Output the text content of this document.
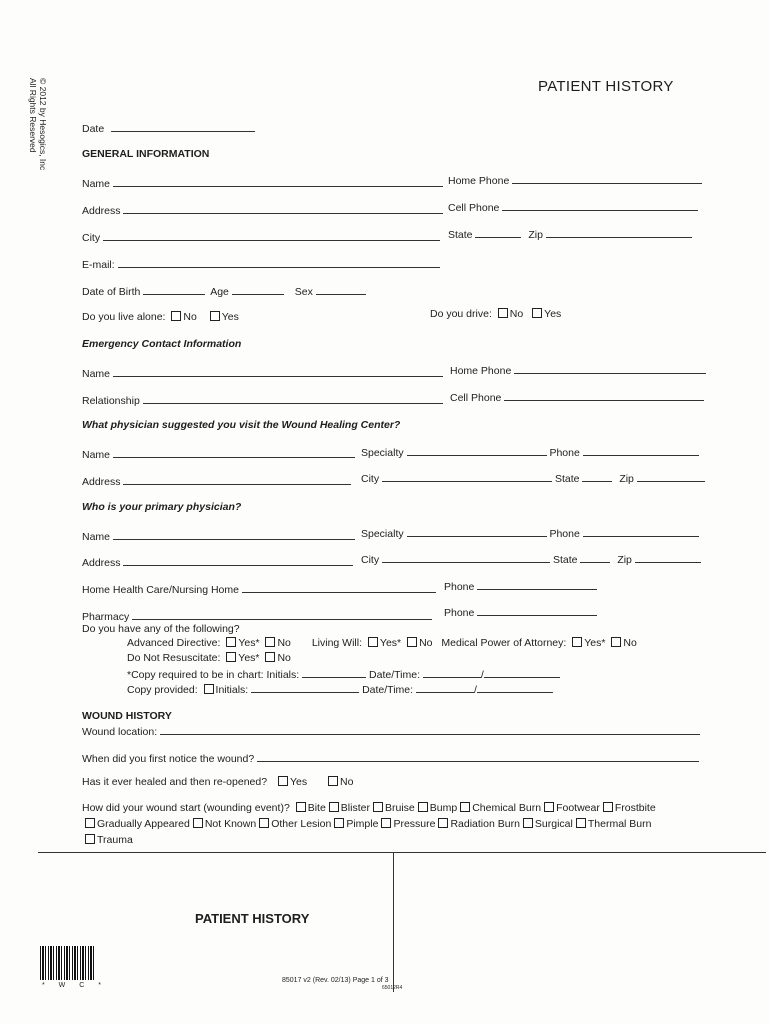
© 2012 by Hesogics, Inc
All Rights Reserved	PATIENT HISTORY
Date
GENERAL INFORMATION
Name	Home Phone
Address	Cell Phone
City	State	Zip
E-mail:
Date of Birth	Age	Sex
Do you live alone: No Yes	Do you drive: No Yes
Emergency Contact Information
Name	Home Phone
Relationship	Cell Phone
What physician suggested you visit the Wound Healing Center?
Name	Specialty	Phone
Address	City	State	Zip
Who is your primary physician?
Name	Specialty	Phone
Address	City	State	Zip
Home Health Care/Nursing Home	Phone
Pharmacy	Phone
Do you have any of the following?
Advanced Directive: Yes* No Living Will: Yes* No Medical Power of Attorney: Yes* No
Do Not Resuscitate: Yes* No
*Copy required to be in chart: Initials:	Date/Time:	/
Copy provided: Initials:	Date/Time:	/
WOUND HISTORY
Wound location:
When did you first notice the wound?
Has it ever healed and then re-opened? Yes	No
How did your wound start (wounding event)? Bite Blister Bruise Bump Chemical Burn Footwear Frostbite
Gradually Appeared Not Known Other Lesion Pimple Pressure Radiation Burn Surgical Thermal Burn
Trauma
PATIENT HISTORY
* W C *
85017 v2 (Rev. 02/13) Page 1 of 3
65012R4
